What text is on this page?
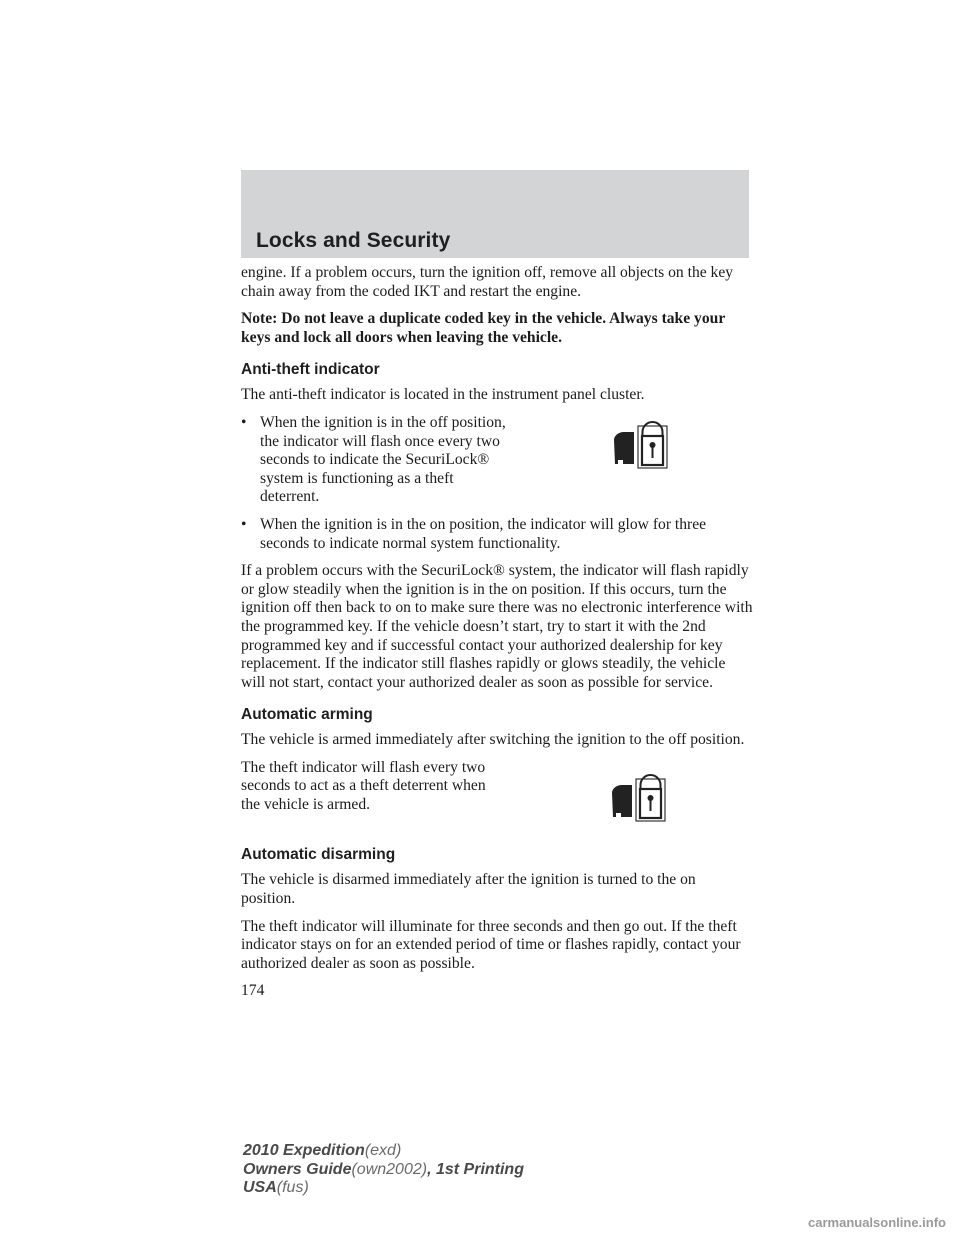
Locks and Security

engine. If a problem occurs, turn the ignition off, remove all objects on the key chain away from the coded IKT and restart the engine.

Note: Do not leave a duplicate coded key in the vehicle. Always take your keys and lock all doors when leaving the vehicle.

Anti-theft indicator

The anti-theft indicator is located in the instrument panel cluster.

• When the ignition is in the off position, the indicator will flash once every two seconds to indicate the SecuriLock® system is functioning as a theft deterrent.
• When the ignition is in the on position, the indicator will glow for three seconds to indicate normal system functionality.

If a problem occurs with the SecuriLock® system, the indicator will flash rapidly or glow steadily when the ignition is in the on position. If this occurs, turn the ignition off then back to on to make sure there was no electronic interference with the programmed key. If the vehicle doesn’t start, try to start it with the 2nd programmed key and if successful contact your authorized dealership for key replacement. If the indicator still flashes rapidly or glows steadily, the vehicle will not start, contact your authorized dealer as soon as possible for service.

Automatic arming

The vehicle is armed immediately after switching the ignition to the off position.

The theft indicator will flash every two seconds to act as a theft deterrent when the vehicle is armed.

Automatic disarming

The vehicle is disarmed immediately after the ignition is turned to the on position.

The theft indicator will illuminate for three seconds and then go out. If the theft indicator stays on for an extended period of time or flashes rapidly, contact your authorized dealer as soon as possible.

174
2010 Expedition(exd)
Owners Guide(own2002), 1st Printing
USA(fus)
carmanualsonline.info
